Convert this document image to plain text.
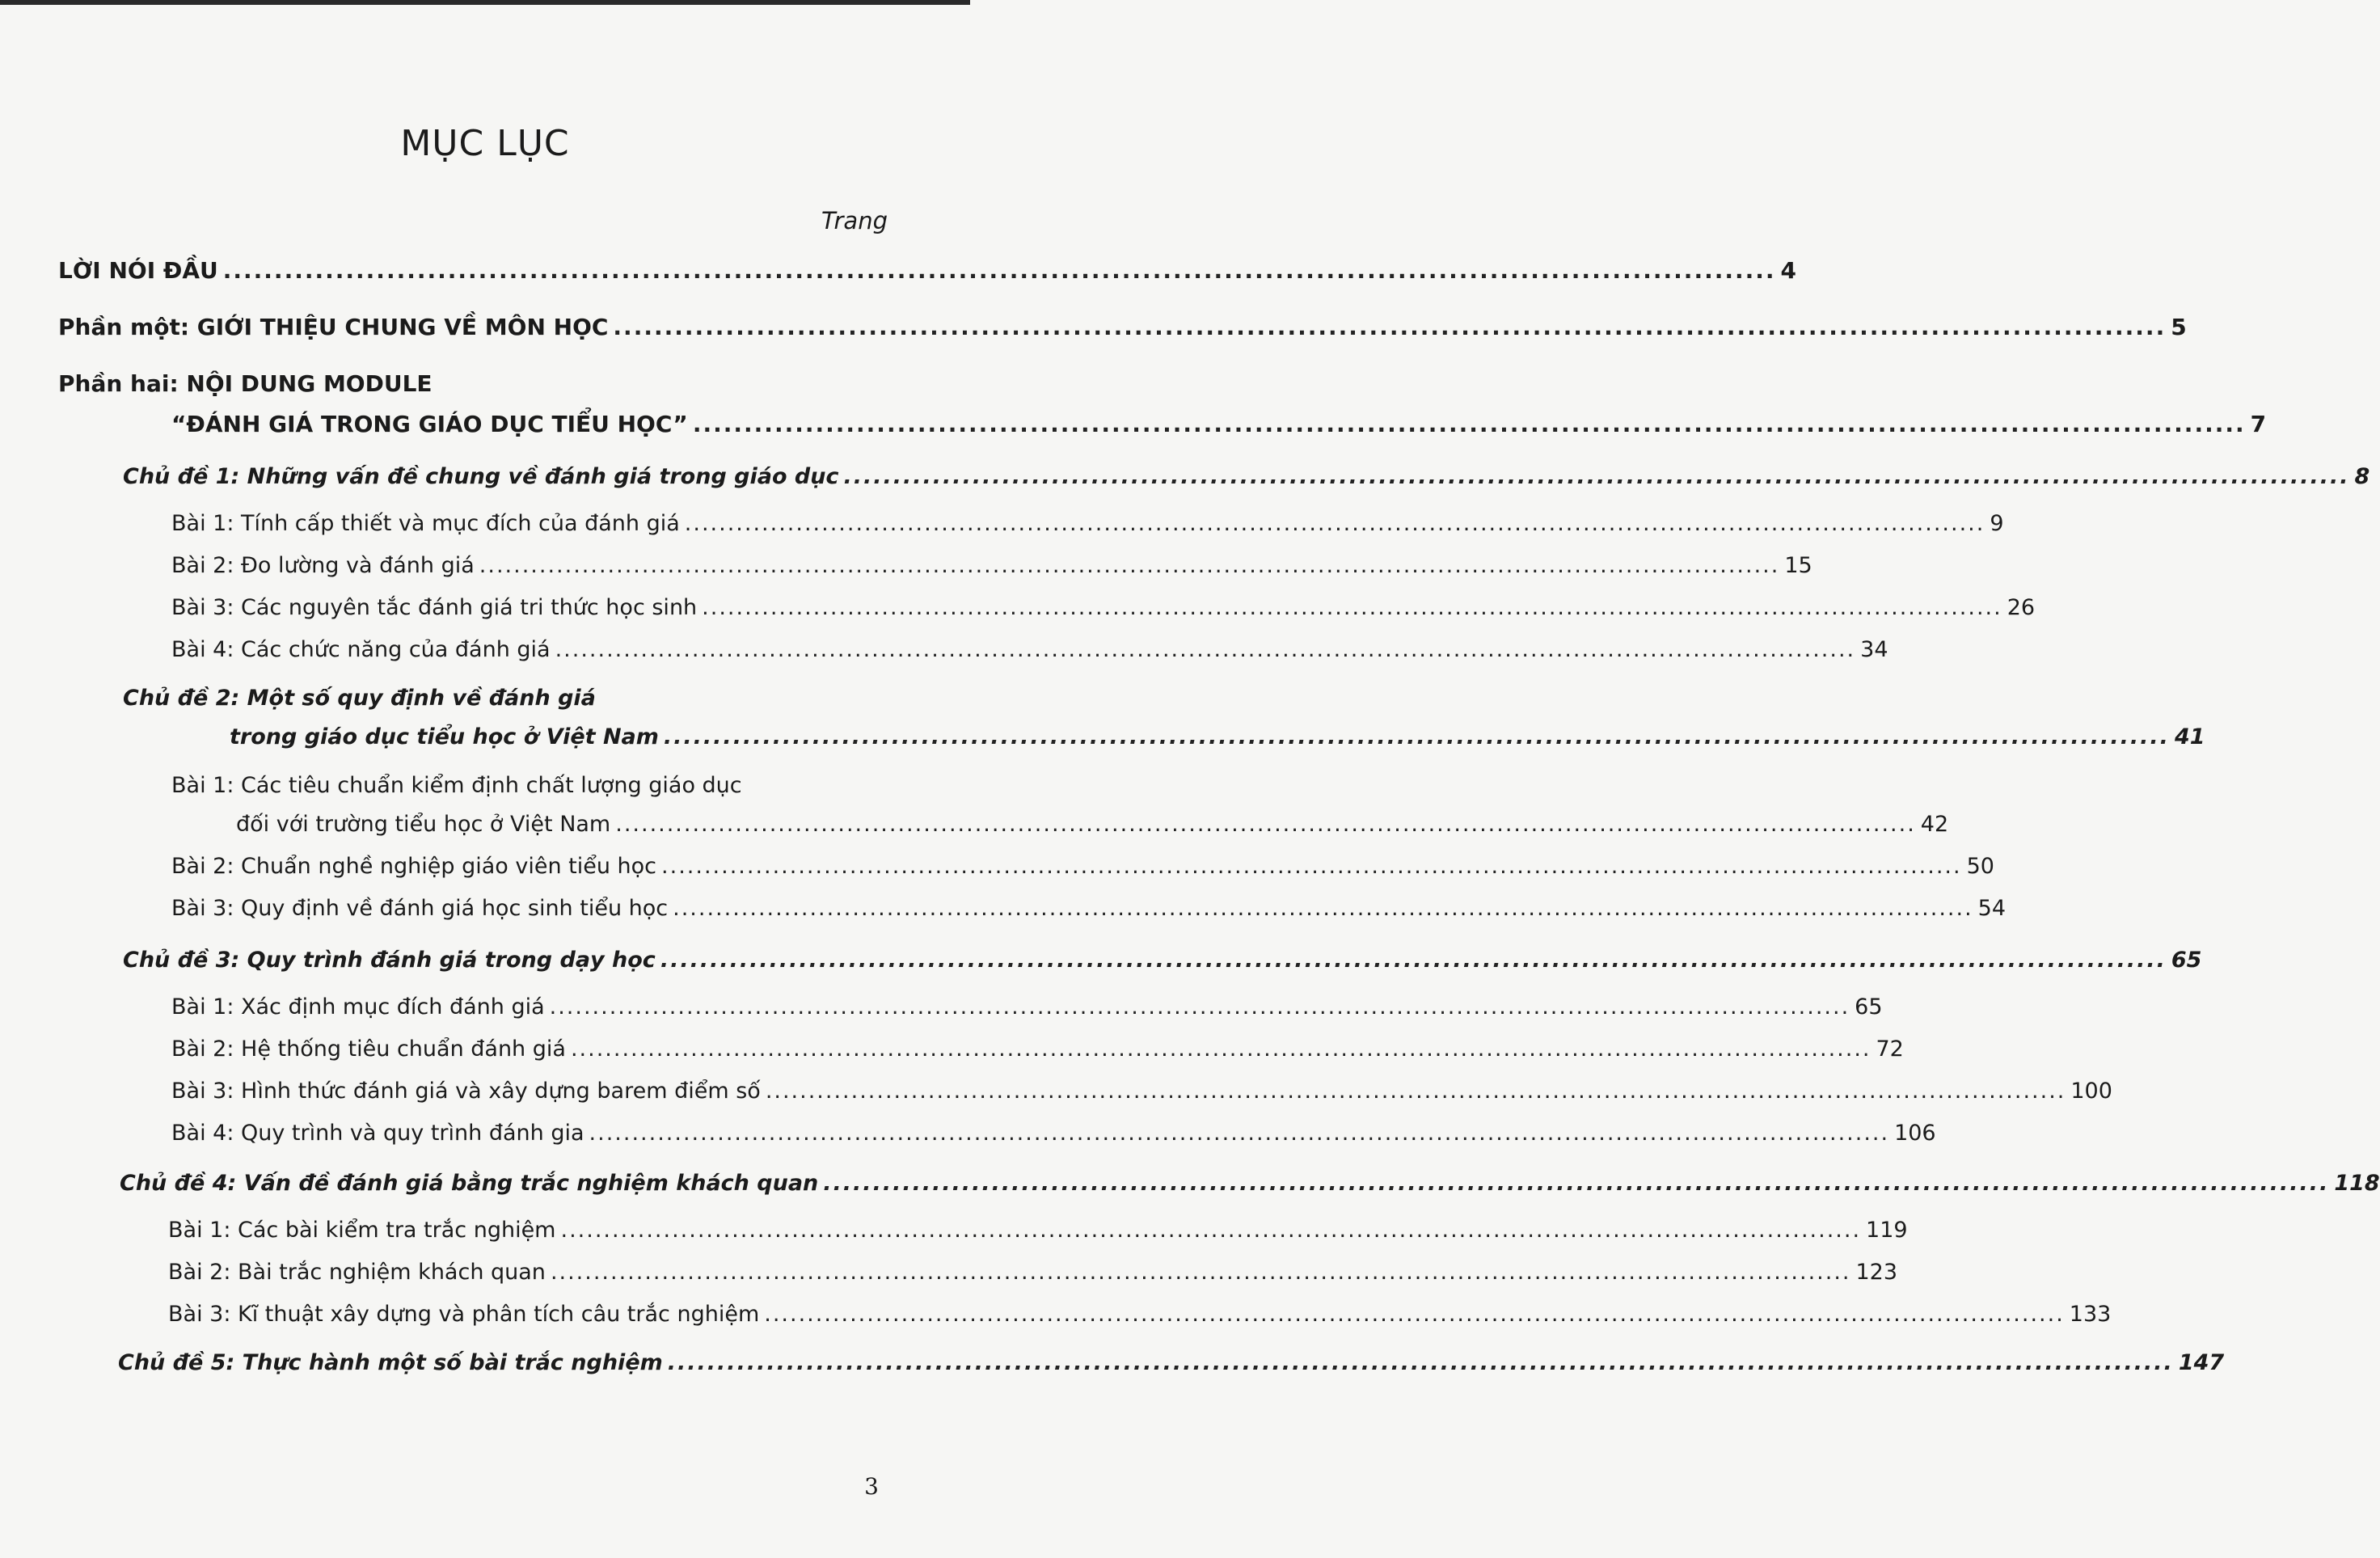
MỤC LỤC
Trang
LỜI NÓI ĐẦU ........................................................................................................................................................ 4
Phần một: GIỚI THIỆU CHUNG VỀ MÔN HỌC ........................................................................................................................................................ 5
Phần hai: NỘI DUNG MODULE
“ĐÁNH GIÁ TRONG GIÁO DỤC TIỂU HỌC” ........................................................................................................................................................ 7
Chủ đề 1: Những vấn đề chung về đánh giá trong giáo dục ........................................................................................................................................................ 8
Bài 1: Tính cấp thiết và mục đích của đánh giá ........................................................................................................................................................ 9
Bài 2: Đo lường và đánh giá ........................................................................................................................................................ 15
Bài 3: Các nguyên tắc đánh giá tri thức học sinh ........................................................................................................................................................ 26
Bài 4: Các chức năng của đánh giá ........................................................................................................................................................ 34
Chủ đề 2: Một số quy định về đánh giá
trong giáo dục tiểu học ở Việt Nam ........................................................................................................................................................ 41
Bài 1: Các tiêu chuẩn kiểm định chất lượng giáo dục
đối với trường tiểu học ở Việt Nam ........................................................................................................................................................ 42
Bài 2: Chuẩn nghề nghiệp giáo viên tiểu học ........................................................................................................................................................ 50
Bài 3: Quy định về đánh giá học sinh tiểu học ........................................................................................................................................................ 54
Chủ đề 3: Quy trình đánh giá trong dạy học ........................................................................................................................................................ 65
Bài 1: Xác định mục đích đánh giá ........................................................................................................................................................ 65
Bài 2: Hệ thống tiêu chuẩn đánh giá ........................................................................................................................................................ 72
Bài 3: Hình thức đánh giá và xây dựng barem điểm số ........................................................................................................................................................ 100
Bài 4: Quy trình và quy trình đánh gia ........................................................................................................................................................ 106
Chủ đề 4: Vấn đề đánh giá bằng trắc nghiệm khách quan ........................................................................................................................................................ 118
Bài 1: Các bài kiểm tra trắc nghiệm ........................................................................................................................................................ 119
Bài 2: Bài trắc nghiệm khách quan ........................................................................................................................................................ 123
Bài 3: Kĩ thuật xây dựng và phân tích câu trắc nghiệm ........................................................................................................................................................ 133
Chủ đề 5: Thực hành một số bài trắc nghiệm ........................................................................................................................................................ 147
3
